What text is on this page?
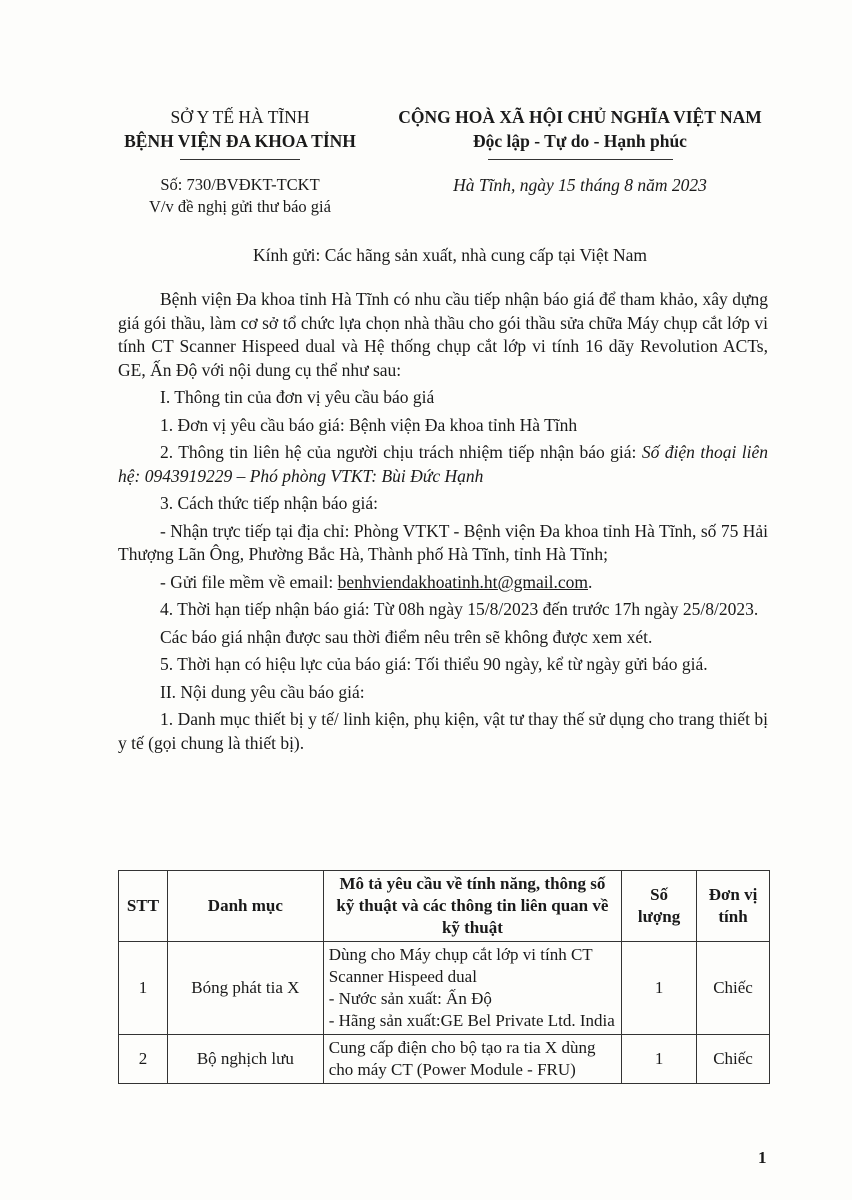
SỞ Y TẾ HÀ TĨNH
BỆNH VIỆN ĐA KHOA TỈNH
Số: 730/BVĐKT-TCKT
V/v đề nghị gửi thư báo giá
CỘNG HOÀ XÃ HỘI CHỦ NGHĨA VIỆT NAM
Độc lập - Tự do - Hạnh phúc
Hà Tĩnh, ngày 15 tháng 8 năm 2023
Kính gửi: Các hãng sản xuất, nhà cung cấp tại Việt Nam

Bệnh viện Đa khoa tỉnh Hà Tĩnh có nhu cầu tiếp nhận báo giá để tham khảo, xây dựng giá gói thầu, làm cơ sở tổ chức lựa chọn nhà thầu cho gói thầu sửa chữa Máy chụp cắt lớp vi tính CT Scanner Hispeed dual và Hệ thống chụp cắt lớp vi tính 16 dãy Revolution ACTs, GE, Ấn Độ với nội dung cụ thể như sau:

I. Thông tin của đơn vị yêu cầu báo giá

1. Đơn vị yêu cầu báo giá: Bệnh viện Đa khoa tỉnh Hà Tĩnh

2. Thông tin liên hệ của người chịu trách nhiệm tiếp nhận báo giá: Số điện thoại liên hệ: 0943919229 – Phó phòng VTKT: Bùi Đức Hạnh

3. Cách thức tiếp nhận báo giá:

- Nhận trực tiếp tại địa chỉ: Phòng VTKT - Bệnh viện Đa khoa tỉnh Hà Tĩnh, số 75 Hải Thượng Lãn Ông, Phường Bắc Hà, Thành phố Hà Tĩnh, tỉnh Hà Tĩnh;

- Gửi file mềm về email: benhviendakhoatinh.ht@gmail.com.

4. Thời hạn tiếp nhận báo giá: Từ 08h ngày 15/8/2023 đến trước 17h ngày 25/8/2023.

Các báo giá nhận được sau thời điểm nêu trên sẽ không được xem xét.

5. Thời hạn có hiệu lực của báo giá: Tối thiểu 90 ngày, kể từ ngày gửi báo giá.

II. Nội dung yêu cầu báo giá:

1. Danh mục thiết bị y tế/ linh kiện, phụ kiện, vật tư thay thế sử dụng cho trang thiết bị y tế (gọi chung là thiết bị).

STT	Danh mục	Mô tả yêu cầu về tính năng, thông số kỹ thuật và các thông tin liên quan về kỹ thuật	Số lượng	Đơn vị tính
1	Bóng phát tia X	Dùng cho Máy chụp cắt lớp vi tính CT Scanner Hispeed dual
- Nước sản xuất: Ấn Độ
- Hãng sản xuất:GE Bel Private Ltd. India	1	Chiếc
2	Bộ nghịch lưu	Cung cấp điện cho bộ tạo ra tia X dùng cho máy CT (Power Module - FRU)	1	Chiếc
1
